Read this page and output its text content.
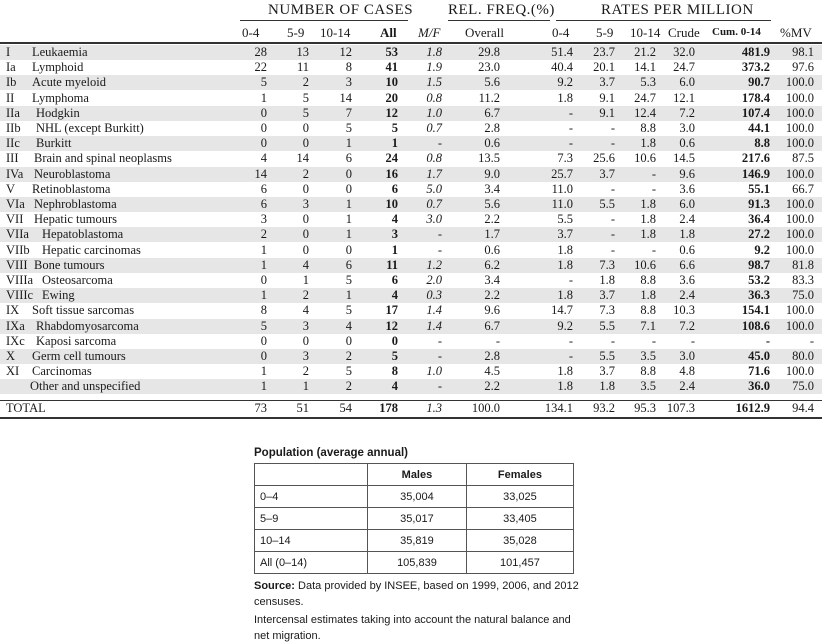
NUMBER OF CASES REL. FREQ.(%)	RATES PER MILLION
0-4 5-9 10-14 All M/F Overall	0-4 5-9 10-14 Crude Cum. 0-14 %MV
I Leukaemia	28 13 12	53 1.8	29.8	51.4 23.7 21.2 32.0	481.9 98.1
Ia Lymphoid	22 11	8	41 1.9	23.0	40.4 20.1 14.1 24.7	373.2 97.6
Ib Acute myeloid	5	2	3	10 1.5	5.6	9.2 3.7 5.3 6.0	90.7 100.0
II Lymphoma	1	5 14	20 0.8	11.2	1.8 9.1 24.7 12.1	178.4 100.0
IIa Hodgkin	0	5	7	12 1.0	6.7	- 9.1 12.4 7.2	107.4 100.0
IIb NHL (except Burkitt)	0	0	5	5 0.7	2.8	-	- 8.8 3.0	44.1 100.0
IIc Burkitt	0	0	1	1	-	0.6	-	- 1.8 0.6	8.8 100.0
III Brain and spinal neoplasms	4 14	6	24 0.8	13.5	7.3 25.6 10.6 14.5	217.6 87.5
IVa Neuroblastoma	14	2	0	16 1.7	9.0	25.7 3.7	- 9.6	146.9 100.0
V Retinoblastoma	6	0	0	6 5.0	3.4	11.0	-	- 3.6	55.1 66.7
VIa Nephroblastoma	6	3	1	10 0.7	5.6	11.0 5.5 1.8 6.0	91.3 100.0
VII Hepatic tumours	3	0	1	4 3.0	2.2	5.5	- 1.8 2.4	36.4 100.0
VIIa Hepatoblastoma	2	0	1	3	-	1.7	3.7	- 1.8 1.8	27.2 100.0
VIIb Hepatic carcinomas	1	0	0	1	-	0.6	1.8	-	- 0.6	9.2 100.0
VIII Bone tumours	1	4	6	11 1.2	6.2	1.8 7.3 10.6 6.6	98.7 81.8
VIIIa Osteosarcoma	0	1	5	6 2.0	3.4	- 1.8 8.8 3.6	53.2 83.3
VIIIc Ewing	1	2	1	4 0.3	2.2	1.8 3.7 1.8 2.4	36.3 75.0
IX Soft tissue sarcomas	8	4	5	17 1.4	9.6	14.7 7.3 8.8 10.3	154.1 100.0
IXa Rhabdomyosarcoma	5	3	4	12 1.4	6.7	9.2 5.5 7.1 7.2	108.6 100.0
IXc Kaposi sarcoma	0	0	0	0	-	-	-	-	-	-	-	-
X Germ cell tumours	0	3	2	5	-	2.8	- 5.5 3.5 3.0	45.0 80.0
XI Carcinomas	1	2	5	8 1.0	4.5	1.8 3.7 8.8 4.8	71.6 100.0
Other and unspecified	1	1	2	4	-	2.2	1.8 1.8 3.5 2.4	36.0 75.0
TOTAL	73 51 54 178 1.3 100.0	134.1 93.2 95.3 107.3	1612.9 94.4
Population (average annual)
	Males	Females
0–4	35,004	33,025
5–9	35,017	33,405
10–14	35,819	35,028
All (0–14)	105,839	101,457
Source: Data provided by INSEE, based on 1999, 2006, and 2012 censuses.
Intercensal estimates taking into account the natural balance and net migration.
